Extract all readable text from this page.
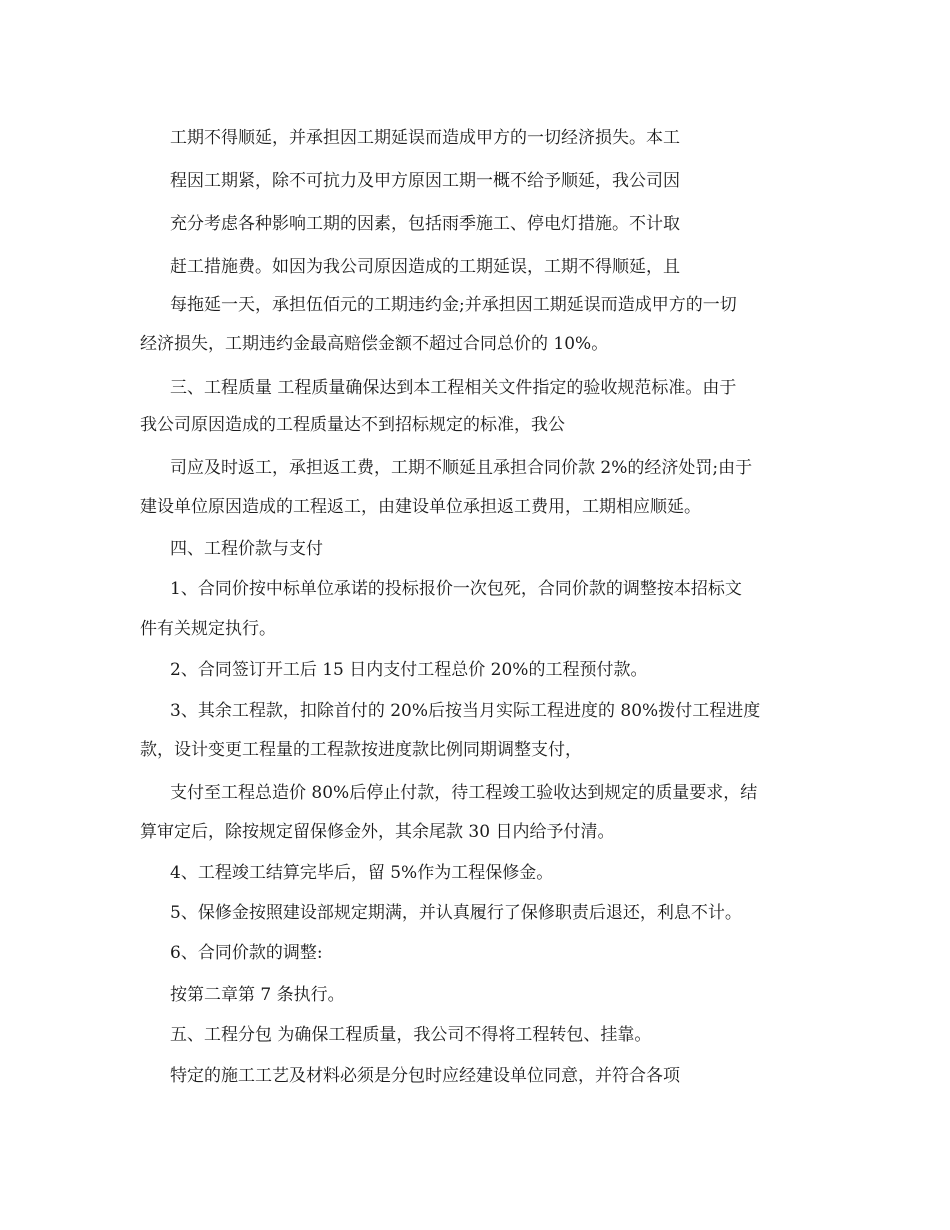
工期不得顺延，并承担因工期延误而造成甲方的一切经济损失。本工

程因工期紧，除不可抗力及甲方原因工期一概不给予顺延，我公司因

充分考虑各种影响工期的因素，包括雨季施工、停电灯措施。不计取

赶工措施费。如因为我公司原因造成的工期延误，工期不得顺延，且

每拖延一天，承担伍佰元的工期违约金;并承担因工期延误而造成甲方的一切

经济损失，工期违约金最高赔偿金额不超过合同总价的 10%。

三、工程质量 工程质量确保达到本工程相关文件指定的验收规范标准。由于

我公司原因造成的工程质量达不到招标规定的标准，我公

司应及时返工，承担返工费，工期不顺延且承担合同价款 2%的经济处罚;由于

建设单位原因造成的工程返工，由建设单位承担返工费用，工期相应顺延。

四、工程价款与支付

1、合同价按中标单位承诺的投标报价一次包死，合同价款的调整按本招标文

件有关规定执行。

2、合同签订开工后 15 日内支付工程总价 20%的工程预付款。

3、其余工程款，扣除首付的 20%后按当月实际工程进度的 80%拨付工程进度

款，设计变更工程量的工程款按进度款比例同期调整支付，

支付至工程总造价 80%后停止付款，待工程竣工验收达到规定的质量要求，结

算审定后，除按规定留保修金外，其余尾款 30 日内给予付清。

4、工程竣工结算完毕后，留 5%作为工程保修金。

5、保修金按照建设部规定期满，并认真履行了保修职责后退还，利息不计。

6、合同价款的调整:

按第二章第 7 条执行。

五、工程分包 为确保工程质量，我公司不得将工程转包、挂靠。

特定的施工工艺及材料必须是分包时应经建设单位同意，并符合各项
